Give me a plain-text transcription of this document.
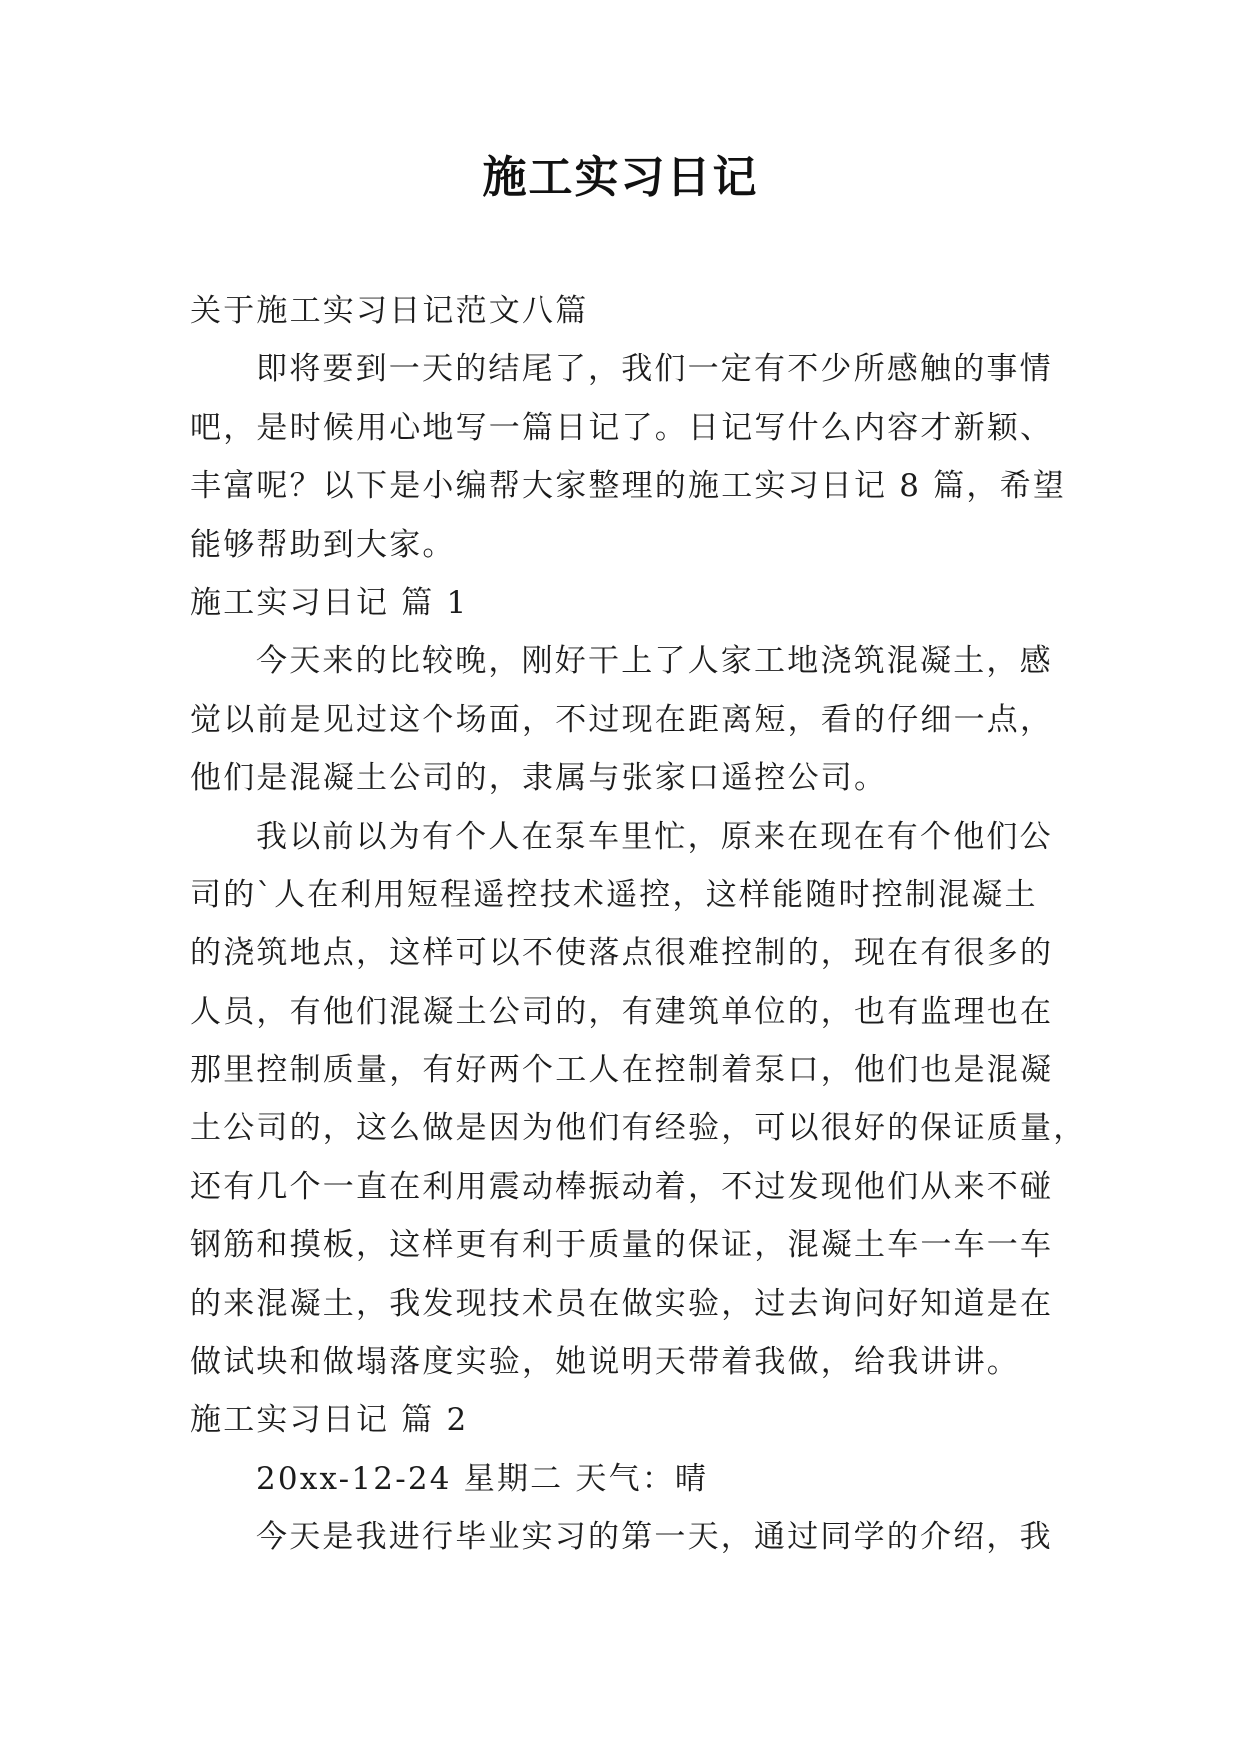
施工实习日记
关于施工实习日记范文八篇
即将要到一天的结尾了，我们一定有不少所感触的事情
吧，是时候用心地写一篇日记了。日记写什么内容才新颖、
丰富呢？以下是小编帮大家整理的施工实习日记 8 篇，希望
能够帮助到大家。
施工实习日记 篇 1
今天来的比较晚，刚好干上了人家工地浇筑混凝土，感
觉以前是见过这个场面，不过现在距离短，看的仔细一点，
他们是混凝土公司的，隶属与张家口遥控公司。
我以前以为有个人在泵车里忙，原来在现在有个他们公
司的`人在利用短程遥控技术遥控，这样能随时控制混凝土
的浇筑地点，这样可以不使落点很难控制的，现在有很多的
人员，有他们混凝土公司的，有建筑单位的，也有监理也在
那里控制质量，有好两个工人在控制着泵口，他们也是混凝
土公司的，这么做是因为他们有经验，可以很好的保证质量，
还有几个一直在利用震动棒振动着，不过发现他们从来不碰
钢筋和摸板，这样更有利于质量的保证，混凝土车一车一车
的来混凝土，我发现技术员在做实验，过去询问好知道是在
做试块和做塌落度实验，她说明天带着我做，给我讲讲。
施工实习日记 篇 2
20xx-12-24 星期二 天气：晴
今天是我进行毕业实习的第一天，通过同学的介绍，我
